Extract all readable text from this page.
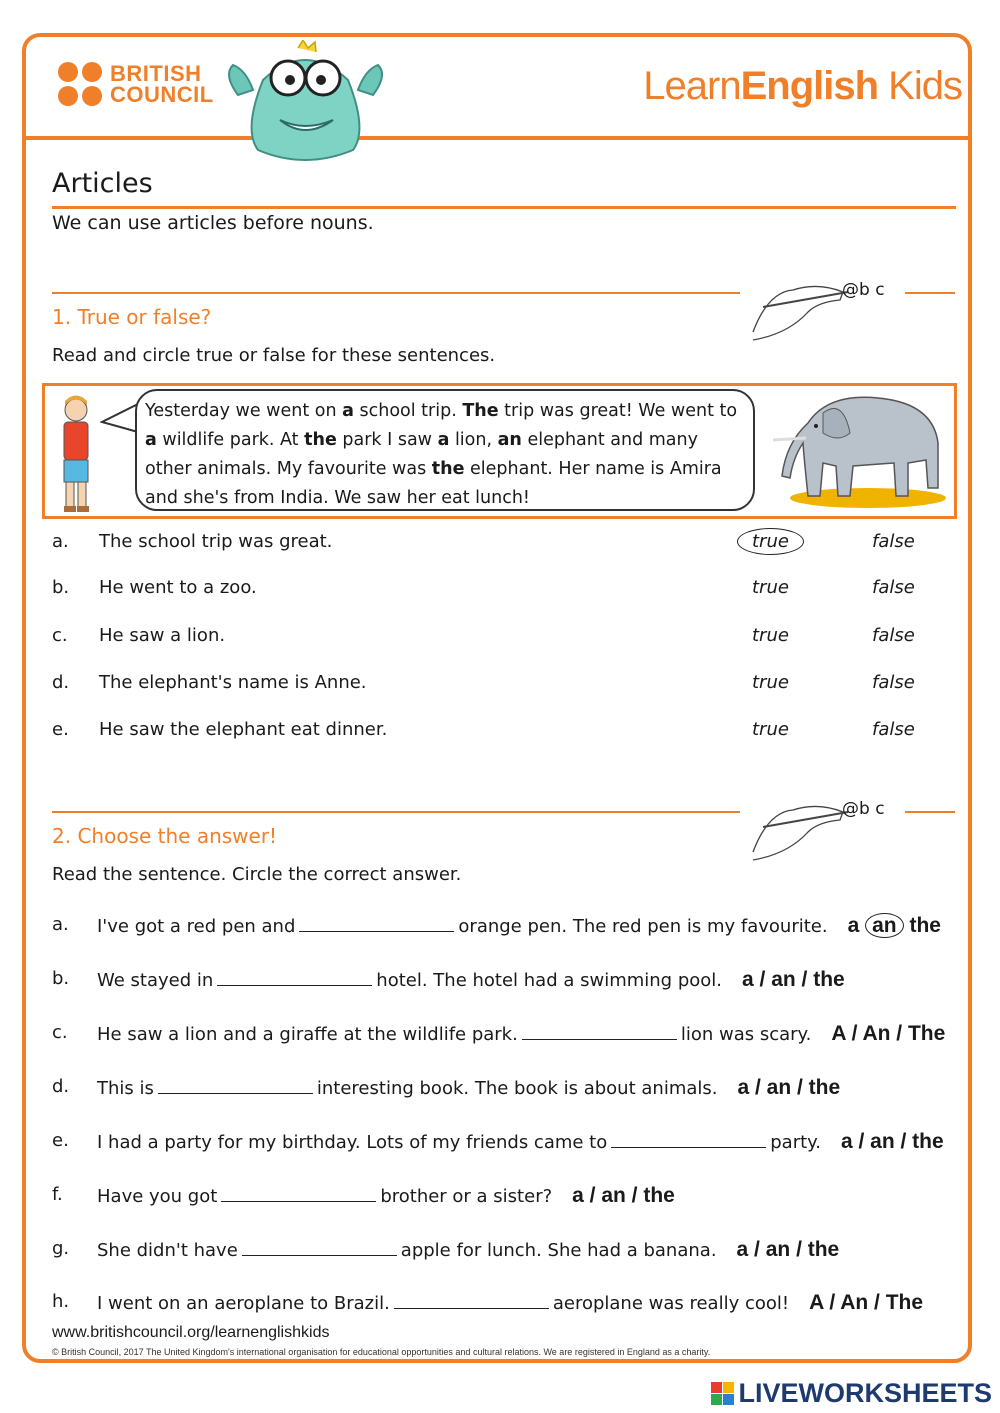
BRITISH
COUNCIL	LearnEnglish Kids
Articles
We can use articles before nouns.
@b c
1. True or false?
Read and circle true or false for these sentences.
Yesterday we went on a school trip. The trip was great! We went to a wildlife park. At the park I saw a lion, an elephant and many other animals. My favourite was the elephant. Her name is Amira and she's from India. We saw her eat lunch!
a. The school trip was great.	true	false
b. He went to a zoo.	true	false
c. He saw a lion.	true	false
d. The elephant's name is Anne.	true	false
e. He saw the elephant eat dinner.	true	false
@b c
2. Choose the answer!
Read the sentence. Circle the correct answer.
a. I've got a red pen and	orange pen. The red pen is my favourite. a an the
b. We stayed in	hotel. The hotel had a swimming pool. a / an / the
c. He saw a lion and a giraffe at the wildlife park.	lion was scary. A / An / The
d. This is	interesting book. The book is about animals. a / an / the
e. I had a party for my birthday. Lots of my friends came to	party. a / an / the
f. Have you got	brother or a sister? a / an / the
g. She didn't have	apple for lunch. She had a banana. a / an / the
h. I went on an aeroplane to Brazil.	aeroplane was really cool! A / An / The
www.britishcouncil.org/learnenglishkids
© British Council, 2017 The United Kingdom's international organisation for educational opportunities and cultural relations. We are registered in England as a charity.
LIVEWORKSHEETS
